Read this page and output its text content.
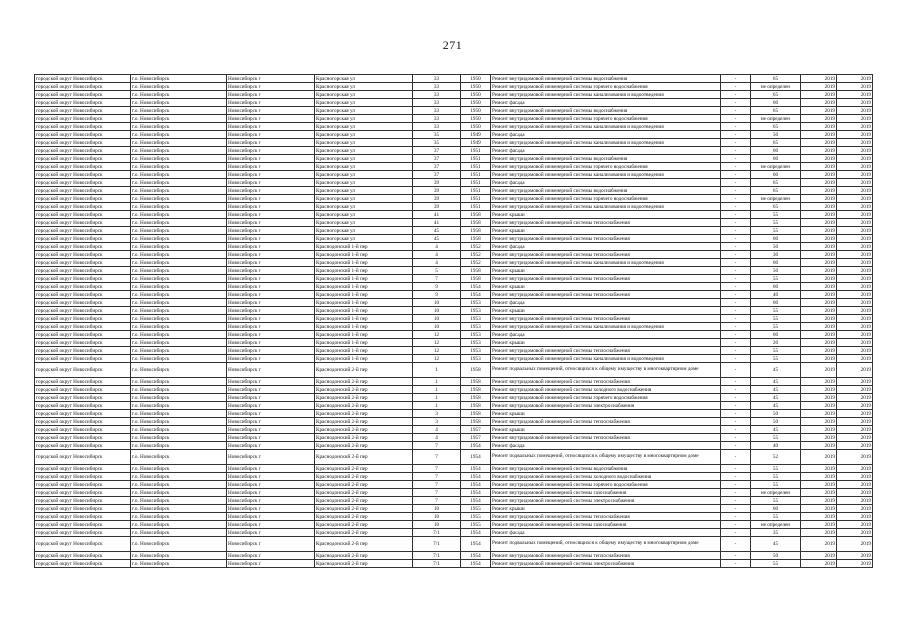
271
городской округ Новосибирск	г.о. Новосибирск	Новосибирск г	Красногорская ул	33	1950	Ремонт внутридомовой инженерной системы водоснабжения	-	65	2019	2019
городской округ Новосибирск	г.о. Новосибирск	Новосибирск г	Красногорская ул	33	1950	Ремонт внутридомовой инженерной системы горячего водоснабжения	-	не определен	2019	2019
городской округ Новосибирск	г.о. Новосибирск	Новосибирск г	Красногорская ул	33	1950	Ремонт внутридомовой инженерной системы канализования и водоотведения	-	65	2019	2019
городской округ Новосибирск	г.о. Новосибирск	Новосибирск г	Красногорская ул	33	1950	Ремонт фасада	-	60	2019	2019
городской округ Новосибирск	г.о. Новосибирск	Новосибирск г	Красногорская ул	33	1950	Ремонт внутридомовой инженерной системы водоснабжения	-	65	2019	2019
городской округ Новосибирск	г.о. Новосибирск	Новосибирск г	Красногорская ул	33	1950	Ремонт внутридомовой инженерной системы горячего водоснабжения	-	не определен	2019	2019
городской округ Новосибирск	г.о. Новосибирск	Новосибирск г	Красногорская ул	33	1950	Ремонт внутридомовой инженерной системы канализования и водоотведения	-	65	2019	2019
городской округ Новосибирск	г.о. Новосибирск	Новосибирск г	Красногорская ул	35	1949	Ремонт фасада	-	50	2019	2019
городской округ Новосибирск	г.о. Новосибирск	Новосибирск г	Красногорская ул	35	1949	Ремонт внутридомовой инженерной системы канализования и водоотведения	-	65	2019	2019
городской округ Новосибирск	г.о. Новосибирск	Новосибирск г	Красногорская ул	37	1951	Ремонт фасада	-	60	2019	2019
городской округ Новосибирск	г.о. Новосибирск	Новосибирск г	Красногорская ул	37	1951	Ремонт внутридомовой инженерной системы водоснабжения	-	60	2019	2019
городской округ Новосибирск	г.о. Новосибирск	Новосибирск г	Красногорская ул	37	1951	Ремонт внутридомовой инженерной системы горячего водоснабжения	-	не определен	2019	2019
городской округ Новосибирск	г.о. Новосибирск	Новосибирск г	Красногорская ул	37	1951	Ремонт внутридомовой инженерной системы канализования и водоотведения	-	60	2019	2019
городской округ Новосибирск	г.о. Новосибирск	Новосибирск г	Красногорская ул	39	1951	Ремонт фасада	-	65	2019	2019
городской округ Новосибирск	г.о. Новосибирск	Новосибирск г	Красногорская ул	39	1951	Ремонт внутридомовой инженерной системы водоснабжения	-	65	2019	2019
городской округ Новосибирск	г.о. Новосибирск	Новосибирск г	Красногорская ул	39	1951	Ремонт внутридомовой инженерной системы горячего водоснабжения	-	не определен	2019	2019
городской округ Новосибирск	г.о. Новосибирск	Новосибирск г	Красногорская ул	39	1951	Ремонт внутридомовой инженерной системы канализования и водоотведения	-	65	2019	2019
городской округ Новосибирск	г.о. Новосибирск	Новосибирск г	Красногорская ул	41	1958	Ремонт крыши	-	55	2019	2019
городской округ Новосибирск	г.о. Новосибирск	Новосибирск г	Красногорская ул	41	1958	Ремонт внутридомовой инженерной системы теплоснабжения	-	55	2019	2019
городской округ Новосибирск	г.о. Новосибирск	Новосибирск г	Красногорская ул	45	1958	Ремонт крыши	-	55	2019	2019
городской округ Новосибирск	г.о. Новосибирск	Новосибирск г	Красногорская ул	45	1958	Ремонт внутридомовой инженерной системы теплоснабжения	-	60	2019	2019
городской округ Новосибирск	г.о. Новосибирск	Новосибирск г	Краснодонский 1-й пер	4	1952	Ремонт фасада	-	50	2019	2019
городской округ Новосибирск	г.о. Новосибирск	Новосибирск г	Краснодонский 1-й пер	4	1952	Ремонт внутридомовой инженерной системы теплоснабжения	-	30	2019	2019
городской округ Новосибирск	г.о. Новосибирск	Новосибирск г	Краснодонский 1-й пер	4	1952	Ремонт внутридомовой инженерной системы канализования и водоотведения	-	60	2019	2019
городской округ Новосибирск	г.о. Новосибирск	Новосибирск г	Краснодонский 1-й пер	5	1958	Ремонт крыши	-	50	2019	2019
городской округ Новосибирск	г.о. Новосибирск	Новосибирск г	Краснодонский 1-й пер	7	1958	Ремонт внутридомовой инженерной системы теплоснабжения	-	55	2019	2019
городской округ Новосибирск	г.о. Новосибирск	Новосибирск г	Краснодонский 1-й пер	9	1954	Ремонт крыши	-	60	2019	2019
городской округ Новосибирск	г.о. Новосибирск	Новосибирск г	Краснодонский 1-й пер	9	1954	Ремонт внутридомовой инженерной системы теплоснабжения	-	40	2019	2019
городской округ Новосибирск	г.о. Новосибирск	Новосибирск г	Краснодонский 1-й пер	10	1953	Ремонт фасада	-	60	2019	2019
городской округ Новосибирск	г.о. Новосибирск	Новосибирск г	Краснодонский 1-й пер	10	1953	Ремонт крыши	-	55	2019	2019
городской округ Новосибирск	г.о. Новосибирск	Новосибирск г	Краснодонский 1-й пер	10	1953	Ремонт внутридомовой инженерной системы теплоснабжения	-	55	2019	2019
городской округ Новосибирск	г.о. Новосибирск	Новосибирск г	Краснодонский 1-й пер	10	1953	Ремонт внутридомовой инженерной системы канализования и водоотведения	-	55	2019	2019
городской округ Новосибирск	г.о. Новосибирск	Новосибирск г	Краснодонский 1-й пер	12	1953	Ремонт фасада	-	60	2019	2019
городской округ Новосибирск	г.о. Новосибирск	Новосибирск г	Краснодонский 1-й пер	12	1953	Ремонт крыши	-	20	2019	2019
городской округ Новосибирск	г.о. Новосибирск	Новосибирск г	Краснодонский 1-й пер	12	1953	Ремонт внутридомовой инженерной системы теплоснабжения	-	55	2019	2019
городской округ Новосибирск	г.о. Новосибирск	Новосибирск г	Краснодонский 1-й пер	12	1953	Ремонт внутридомовой инженерной системы канализования и водоотведения	-	55	2019	2019
городской округ Новосибирск	г.о. Новосибирск	Новосибирск г	Краснодонский 2-й пер	1	1958	Ремонт подвальных помещений, относящихся к общему имуществу в многоквартирном доме	-	45	2019	2019
городской округ Новосибирск	г.о. Новосибирск	Новосибирск г	Краснодонский 2-й пер	1	1958	Ремонт внутридомовой инженерной системы теплоснабжения	-	45	2019	2019
городской округ Новосибирск	г.о. Новосибирск	Новосибирск г	Краснодонский 2-й пер	1	1958	Ремонт внутридомовой инженерной системы холодного водоснабжения	-	45	2019	2019
городской округ Новосибирск	г.о. Новосибирск	Новосибирск г	Краснодонский 2-й пер	1	1958	Ремонт внутридомовой инженерной системы горячего водоснабжения	-	45	2019	2019
городской округ Новосибирск	г.о. Новосибирск	Новосибирск г	Краснодонский 2-й пер	1	1958	Ремонт внутридомовой инженерной системы электроснабжения	-	45	2019	2019
городской округ Новосибирск	г.о. Новосибирск	Новосибирск г	Краснодонский 2-й пер	3	1958	Ремонт крыши	-	50	2019	2019
городской округ Новосибирск	г.о. Новосибирск	Новосибирск г	Краснодонский 2-й пер	3	1958	Ремонт внутридомовой инженерной системы теплоснабжения	-	50	2019	2019
городской округ Новосибирск	г.о. Новосибирск	Новосибирск г	Краснодонский 2-й пер	4	1957	Ремонт крыши	-	45	2019	2019
городской округ Новосибирск	г.о. Новосибирск	Новосибирск г	Краснодонский 2-й пер	4	1957	Ремонт внутридомовой инженерной системы теплоснабжения	-	55	2019	2019
городской округ Новосибирск	г.о. Новосибирск	Новосибирск г	Краснодонский 2-й пер	7	1954	Ремонт фасада	-	40	2019	2019
городской округ Новосибирск	г.о. Новосибирск	Новосибирск г	Краснодонский 2-й пер	7	1954	Ремонт подвальных помещений, относящихся к общему имуществу в многоквартирном доме	-	52	2019	2019
городской округ Новосибирск	г.о. Новосибирск	Новосибирск г	Краснодонский 2-й пер	7	1954	Ремонт внутридомовой инженерной системы водоснабжения	-	55	2019	2019
городской округ Новосибирск	г.о. Новосибирск	Новосибирск г	Краснодонский 2-й пер	7	1954	Ремонт внутридомовой инженерной системы холодного водоснабжения	-	55	2019	2019
городской округ Новосибирск	г.о. Новосибирск	Новосибирск г	Краснодонский 2-й пер	7	1954	Ремонт внутридомовой инженерной системы горячего водоснабжения	-	55	2019	2019
городской округ Новосибирск	г.о. Новосибирск	Новосибирск г	Краснодонский 2-й пер	7	1954	Ремонт внутридомовой инженерной системы газоснабжения	-	не определен	2019	2019
городской округ Новосибирск	г.о. Новосибирск	Новосибирск г	Краснодонский 2-й пер	7	1954	Ремонт внутридомовой инженерной системы электроснабжения	-	55	2019	2019
городской округ Новосибирск	г.о. Новосибирск	Новосибирск г	Краснодонский 2-й пер	10	1955	Ремонт крыши	-	60	2019	2019
городской округ Новосибирск	г.о. Новосибирск	Новосибирск г	Краснодонский 2-й пер	10	1955	Ремонт внутридомовой инженерной системы теплоснабжения	-	55	2019	2019
городской округ Новосибирск	г.о. Новосибирск	Новосибирск г	Краснодонский 2-й пер	10	1955	Ремонт внутридомовой инженерной системы газоснабжения	-	не определен	2019	2019
городской округ Новосибирск	г.о. Новосибирск	Новосибирск г	Краснодонский 2-й пер	7/1	1954	Ремонт фасада	-	35	2019	2019
городской округ Новосибирск	г.о. Новосибирск	Новосибирск г	Краснодонский 2-й пер	7/1	1954	Ремонт подвальных помещений, относящихся к общему имуществу в многоквартирном доме	-	45	2019	2019
городской округ Новосибирск	г.о. Новосибирск	Новосибирск г	Краснодонский 2-й пер	7/1	1954	Ремонт внутридомовой инженерной системы теплоснабжения	-	50	2019	2019
городской округ Новосибирск	г.о. Новосибирск	Новосибирск г	Краснодонский 2-й пер	7/1	1954	Ремонт внутридомовой инженерной системы электроснабжения	-	55	2019	2019
